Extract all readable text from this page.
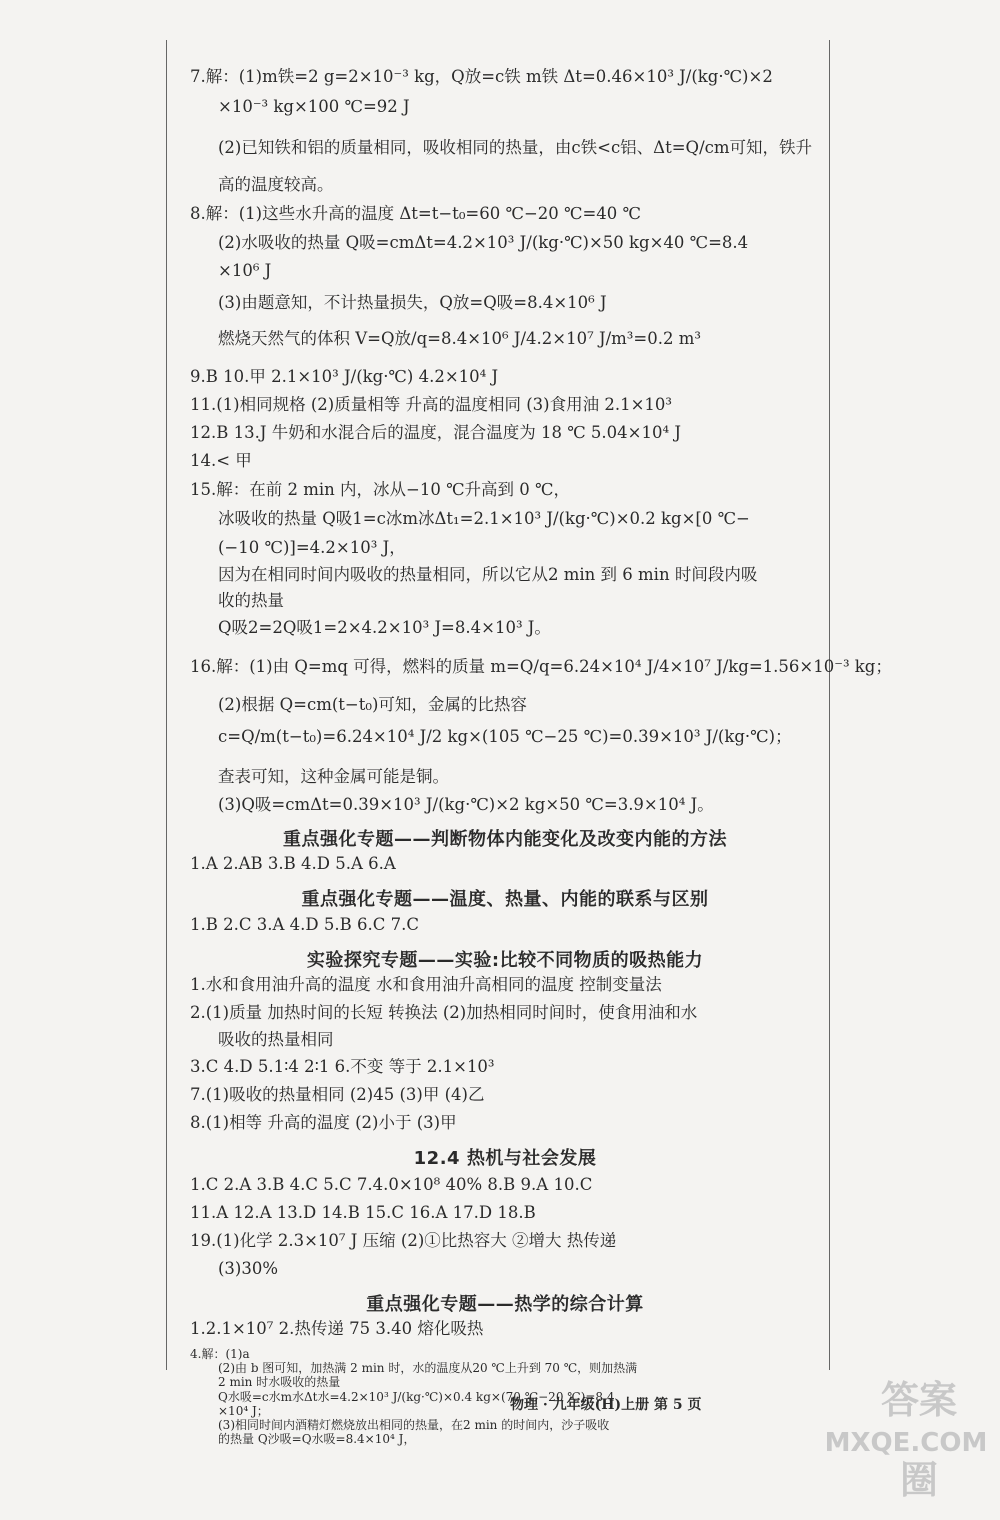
7.解：(1)m铁=2 g=2×10⁻³ kg，Q放=c铁 m铁 Δt=0.46×10³ J/(kg·℃)×2
×10⁻³ kg×100 ℃=92 J
(2)已知铁和铝的质量相同，吸收相同的热量，由c铁<c铝、Δt=Q/cm可知，铁升
高的温度较高。
8.解：(1)这些水升高的温度 Δt=t−t₀=60 ℃−20 ℃=40 ℃
(2)水吸收的热量 Q吸=cmΔt=4.2×10³ J/(kg·℃)×50 kg×40 ℃=8.4
×10⁶ J
(3)由题意知，不计热量损失，Q放=Q吸=8.4×10⁶ J
燃烧天然气的体积 V=Q放/q=8.4×10⁶ J/4.2×10⁷ J/m³=0.2 m³
9.B 10.甲 2.1×10³ J/(kg·℃) 4.2×10⁴ J
11.(1)相同规格 (2)质量相等 升高的温度相同 (3)食用油 2.1×10³
12.B 13.J 牛奶和水混合后的温度，混合温度为 18 ℃ 5.04×10⁴ J
14.< 甲
15.解：在前 2 min 内，冰从−10 ℃升高到 0 ℃，
冰吸收的热量 Q吸1=c冰m冰Δt₁=2.1×10³ J/(kg·℃)×0.2 kg×[0 ℃−
(−10 ℃)]=4.2×10³ J，
因为在相同时间内吸收的热量相同，所以它从2 min 到 6 min 时间段内吸
收的热量
Q吸2=2Q吸1=2×4.2×10³ J=8.4×10³ J。
16.解：(1)由 Q=mq 可得，燃料的质量 m=Q/q=6.24×10⁴ J/4×10⁷ J/kg=1.56×10⁻³ kg；
(2)根据 Q=cm(t−t₀)可知，金属的比热容
c=Q/m(t−t₀)=6.24×10⁴ J/2 kg×(105 ℃−25 ℃)=0.39×10³ J/(kg·℃)；
查表可知，这种金属可能是铜。
(3)Q吸=cmΔt=0.39×10³ J/(kg·℃)×2 kg×50 ℃=3.9×10⁴ J。
重点强化专题——判断物体内能变化及改变内能的方法
1.A 2.AB 3.B 4.D 5.A 6.A
重点强化专题——温度、热量、内能的联系与区别
1.B 2.C 3.A 4.D 5.B 6.C 7.C
实验探究专题——实验:比较不同物质的吸热能力
1.水和食用油升高的温度 水和食用油升高相同的温度 控制变量法
2.(1)质量 加热时间的长短 转换法 (2)加热相同时间时，使食用油和水
吸收的热量相同
3.C 4.D 5.1∶4 2∶1 6.不变 等于 2.1×10³
7.(1)吸收的热量相同 (2)45 (3)甲 (4)乙
8.(1)相等 升高的温度 (2)小于 (3)甲
12.4 热机与社会发展
1.C 2.A 3.B 4.C 5.C 7.4.0×10⁸ 40% 8.B 9.A 10.C
11.A 12.A 13.D 14.B 15.C 16.A 17.D 18.B
19.(1)化学 2.3×10⁷ J 压缩 (2)①比热容大 ②增大 热传递
(3)30%
重点强化专题——热学的综合计算
1.2.1×10⁷ 2.热传递 75 3.40 熔化吸热
4.解：(1)a
(2)由 b 图可知，加热满 2 min 时，水的温度从20 ℃上升到 70 ℃，则加热满
2 min 时水吸收的热量
Q水吸=c水m水Δt水=4.2×10³ J/(kg·℃)×0.4 kg×(70 ℃−20 ℃)=8.4
×10⁴ J；
(3)相同时间内酒精灯燃烧放出相同的热量，在2 min 的时间内，沙子吸收
的热量 Q沙吸=Q水吸=8.4×10⁴ J，
物理 · 九年级(H)上册 第 5 页	答案圈
MXQE.COM
